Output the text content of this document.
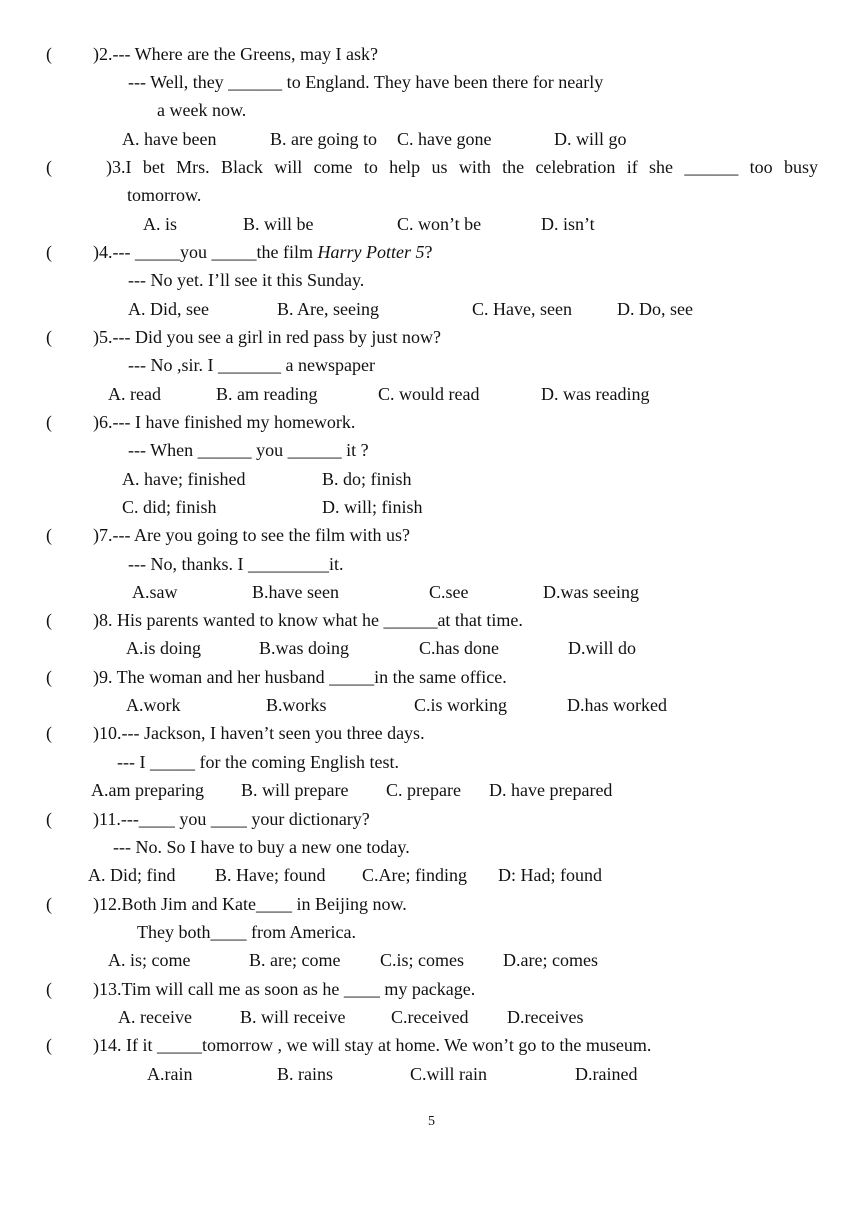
( )2.--- Where are the Greens, may I ask?
--- Well, they ______ to England. They have been there for nearly
a week now.
A. have been	B. are going to C. have gone	D. will go
(	)3.I bet Mrs. Black will come to help us with the celebration if she ______ too busy
tomorrow.
A. is	B. will be	C. won’t be	D. isn’t
( )4.--- _____you _____the film Harry Potter 5?
--- No yet. I’ll see it this Sunday.
A. Did, see	B. Are, seeing	C. Have, seen	D. Do, see
( )5.--- Did you see a girl in red pass by just now?
--- No ,sir. I _______ a newspaper
A. read	B. am reading	C. would read	D. was reading
( )6.--- I have finished my homework.
--- When ______ you ______ it ?
A. have; finished	B. do; finish
C. did; finish	D. will; finish
( )7.--- Are you going to see the film with us?
--- No, thanks. I _________it.
A.saw	B.have seen	C.see	D.was seeing
( )8. His parents wanted to know what he ______at that time.
A.is doing	B.was doing	C.has done	D.will do
( )9. The woman and her husband _____in the same office.
A.work	B.works	C.is working	D.has worked
( )10.--- Jackson, I haven’t seen you three days.
--- I _____ for the coming English test.
A.am preparing B. will prepare C. prepare D. have prepared
( )11.---____ you ____ your dictionary?
--- No. So I have to buy a new one today.
A. Did; find B. Have; found C.Are; finding D: Had; found
( )12.Both Jim and Kate____ in Beijing now.
They both____ from America.
A. is; come	B. are; come C.is; comes D.are; comes
( )13.Tim will call me as soon as he ____ my package.
A. receive	B. will receive	C.received D.receives
( )14. If it _____tomorrow , we will stay at home. We won’t go to the museum.
A.rain	B. rains	C.will rain	D.rained
5
